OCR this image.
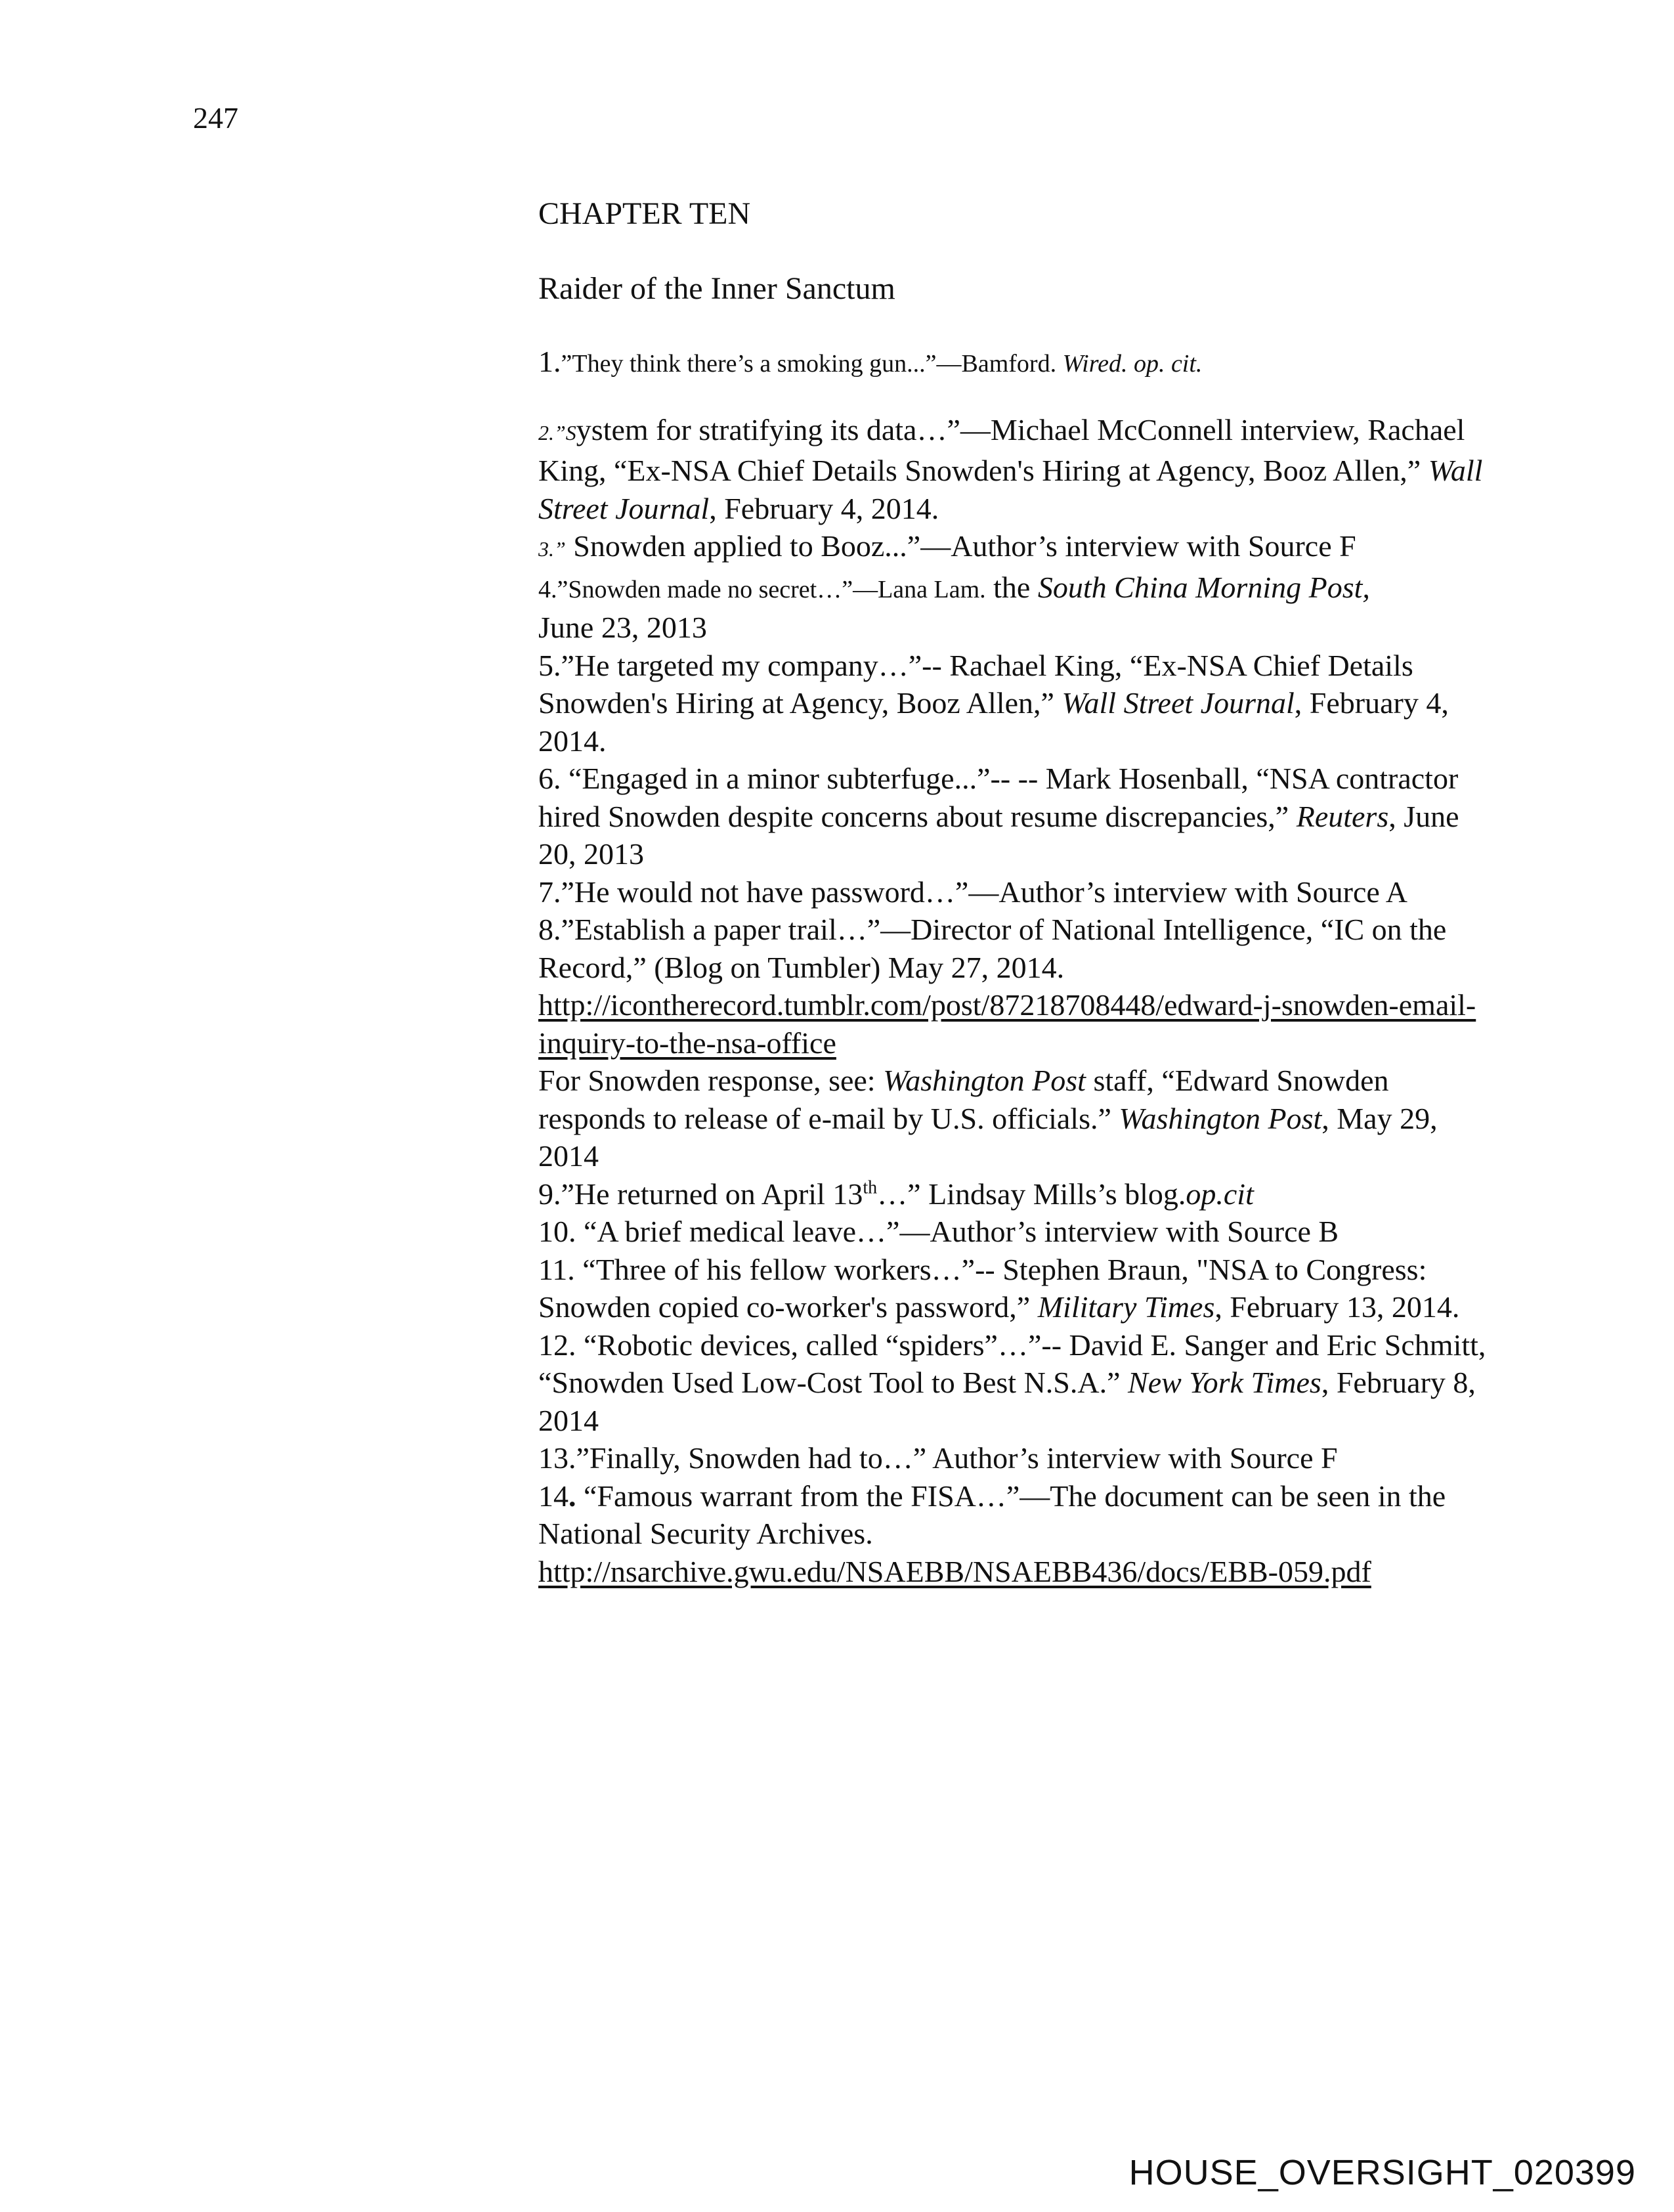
247
CHAPTER TEN
Raider of the Inner Sanctum

1.”They think there’s a smoking gun...”—Bamford. Wired. op. cit.

2.”System for stratifying its data…”—Michael McConnell interview, Rachael King, “Ex-NSA Chief Details Snowden's Hiring at Agency, Booz Allen,” Wall Street Journal, February 4, 2014.

3.” Snowden applied to Booz...”—Author’s interview with Source F

4.”Snowden made no secret…”—Lana Lam. the South China Morning Post,
June 23, 2013

5.”He targeted my company…”-- Rachael King, “Ex-NSA Chief Details Snowden's Hiring at Agency, Booz Allen,” Wall Street Journal, February 4, 2014.

6. “Engaged in a minor subterfuge...”-- -- Mark Hosenball, “NSA contractor hired Snowden despite concerns about resume discrepancies,” Reuters, June 20, 2013

7.”He would not have password…”—Author’s interview with Source A

8.”Establish a paper trail…”—Director of National Intelligence, “IC on the Record,” (Blog on Tumbler) May 27, 2014.
http://icontherecord.tumblr.com/post/87218708448/edward-j-snowden-email-inquiry-to-the-nsa-office

For Snowden response, see: Washington Post staff, “Edward Snowden responds to release of e-mail by U.S. officials.” Washington Post, May 29, 2014

9.”He returned on April 13th…” Lindsay Mills’s blog.op.cit

10. “A brief medical leave…”—Author’s interview with Source B

11. “Three of his fellow workers…”-- Stephen Braun, "NSA to Congress: Snowden copied co-worker's password,” Military Times, February 13, 2014.

12. “Robotic devices, called “spiders”…”-- David E. Sanger and Eric Schmitt, “Snowden Used Low-Cost Tool to Best N.S.A.” New York Times, February 8, 2014

13.”Finally, Snowden had to…” Author’s interview with Source F

14. “Famous warrant from the FISA…”—The document can be seen in the National Security Archives.
http://nsarchive.gwu.edu/NSAEBB/NSAEBB436/docs/EBB-059.pdf

HOUSE_OVERSIGHT_020399
